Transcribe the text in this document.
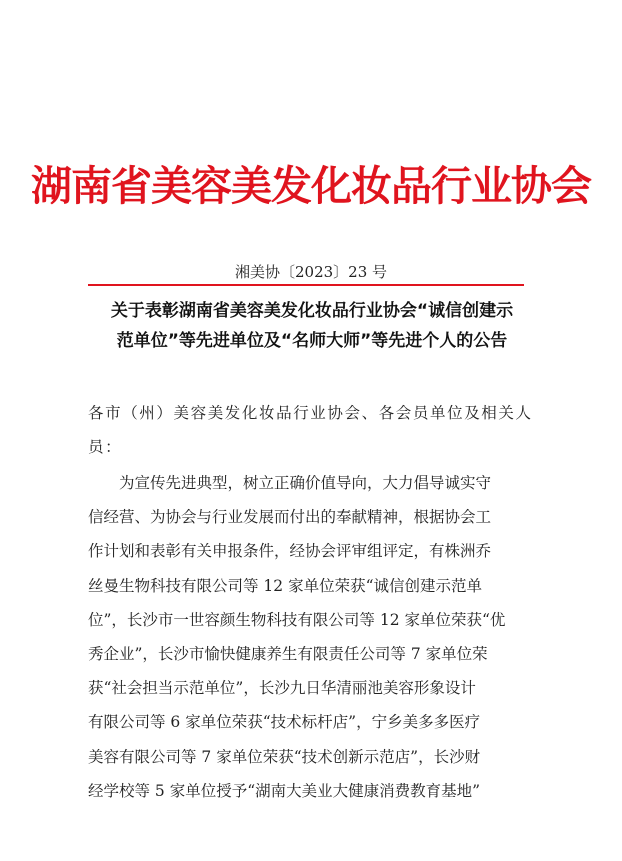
湖南省美容美发化妆品行业协会
湘美协〔2023〕23 号
关于表彰湖南省美容美发化妆品行业协会“诚信创建示
范单位”等先进单位及“名师大师”等先进个人的公告
各市（州）美容美发化妆品行业协会、各会员单位及相关人
员：
为宣传先进典型，树立正确价值导向，大力倡导诚实守
信经营、为协会与行业发展而付出的奉献精神，根据协会工
作计划和表彰有关申报条件，经协会评审组评定，有株洲乔
丝曼生物科技有限公司等 12 家单位荣获“诚信创建示范单
位”，长沙市一世容颜生物科技有限公司等 12 家单位荣获“优
秀企业”，长沙市愉快健康养生有限责任公司等 7 家单位荣
获“社会担当示范单位”，长沙九日华清丽池美容形象设计
有限公司等 6 家单位荣获“技术标杆店”，宁乡美多多医疗
美容有限公司等 7 家单位荣获“技术创新示范店”，长沙财
经学校等 5 家单位授予“湖南大美业大健康消费教育基地”
